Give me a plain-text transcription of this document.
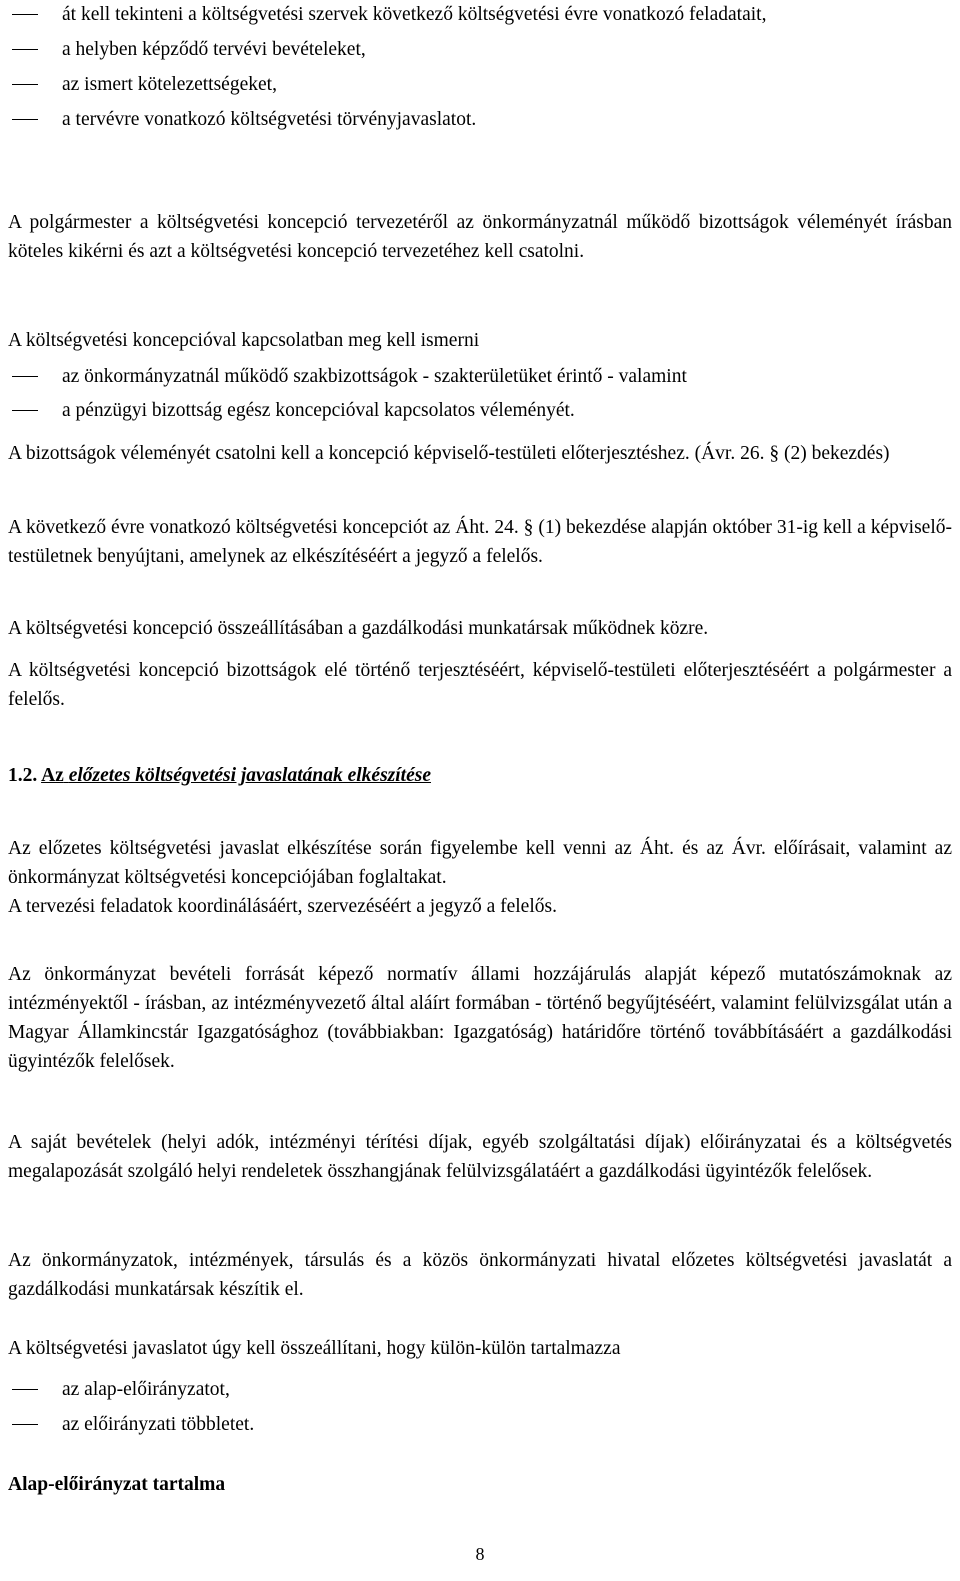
át kell tekinteni a költségvetési szervek következő költségvetési évre vonatkozó feladatait,
a helyben képződő tervévi bevételeket,
az ismert kötelezettségeket,
a tervévre vonatkozó költségvetési törvényjavaslatot.

A polgármester a költségvetési koncepció tervezetéről az önkormányzatnál működő bizottságok véleményét írásban köteles kikérni és azt a költségvetési koncepció tervezetéhez kell csatolni.

A költségvetési koncepcióval kapcsolatban meg kell ismerni

az önkormányzatnál működő szakbizottságok - szakterületüket érintő - valamint
a pénzügyi bizottság egész koncepcióval kapcsolatos véleményét.

A bizottságok véleményét csatolni kell a koncepció képviselő-testületi előterjesztéshez. (Ávr. 26. § (2) bekezdés)

A következő évre vonatkozó költségvetési koncepciót az Áht. 24. § (1) bekezdése alapján október 31-ig kell a képviselő-testületnek benyújtani, amelynek az elkészítéséért a jegyző a felelős.

A költségvetési koncepció összeállításában a gazdálkodási munkatársak működnek közre.

A költségvetési koncepció bizottságok elé történő terjesztéséért, képviselő-testületi előterjesztéséért a polgármester a felelős.

1.2. Az előzetes költségvetési javaslatának elkészítése

Az előzetes költségvetési javaslat elkészítése során figyelembe kell venni az Áht. és az Ávr. előírásait, valamint az önkormányzat költségvetési koncepciójában foglaltakat.

A tervezési feladatok koordinálásáért, szervezéséért a jegyző a felelős.

Az önkormányzat bevételi forrását képező normatív állami hozzájárulás alapját képező mutatószámoknak az intézményektől - írásban, az intézményvezető által aláírt formában - történő begyűjtéséért, valamint felülvizsgálat után a Magyar Államkincstár Igazgatósághoz (továbbiakban: Igazgatóság) határidőre történő továbbításáért a gazdálkodási ügyintézők felelősek.

A saját bevételek (helyi adók, intézményi térítési díjak, egyéb szolgáltatási díjak) előirányzatai és a költségvetés megalapozását szolgáló helyi rendeletek összhangjának felülvizsgálatáért a gazdálkodási ügyintézők felelősek.

Az önkormányzatok, intézmények, társulás és a közös önkormányzati hivatal előzetes költségvetési javaslatát a gazdálkodási munkatársak készítik el.

A költségvetési javaslatot úgy kell összeállítani, hogy külön-külön tartalmazza

az alap-előirányzatot,
az előirányzati többletet.
Alap-előirányzat tartalma
8
